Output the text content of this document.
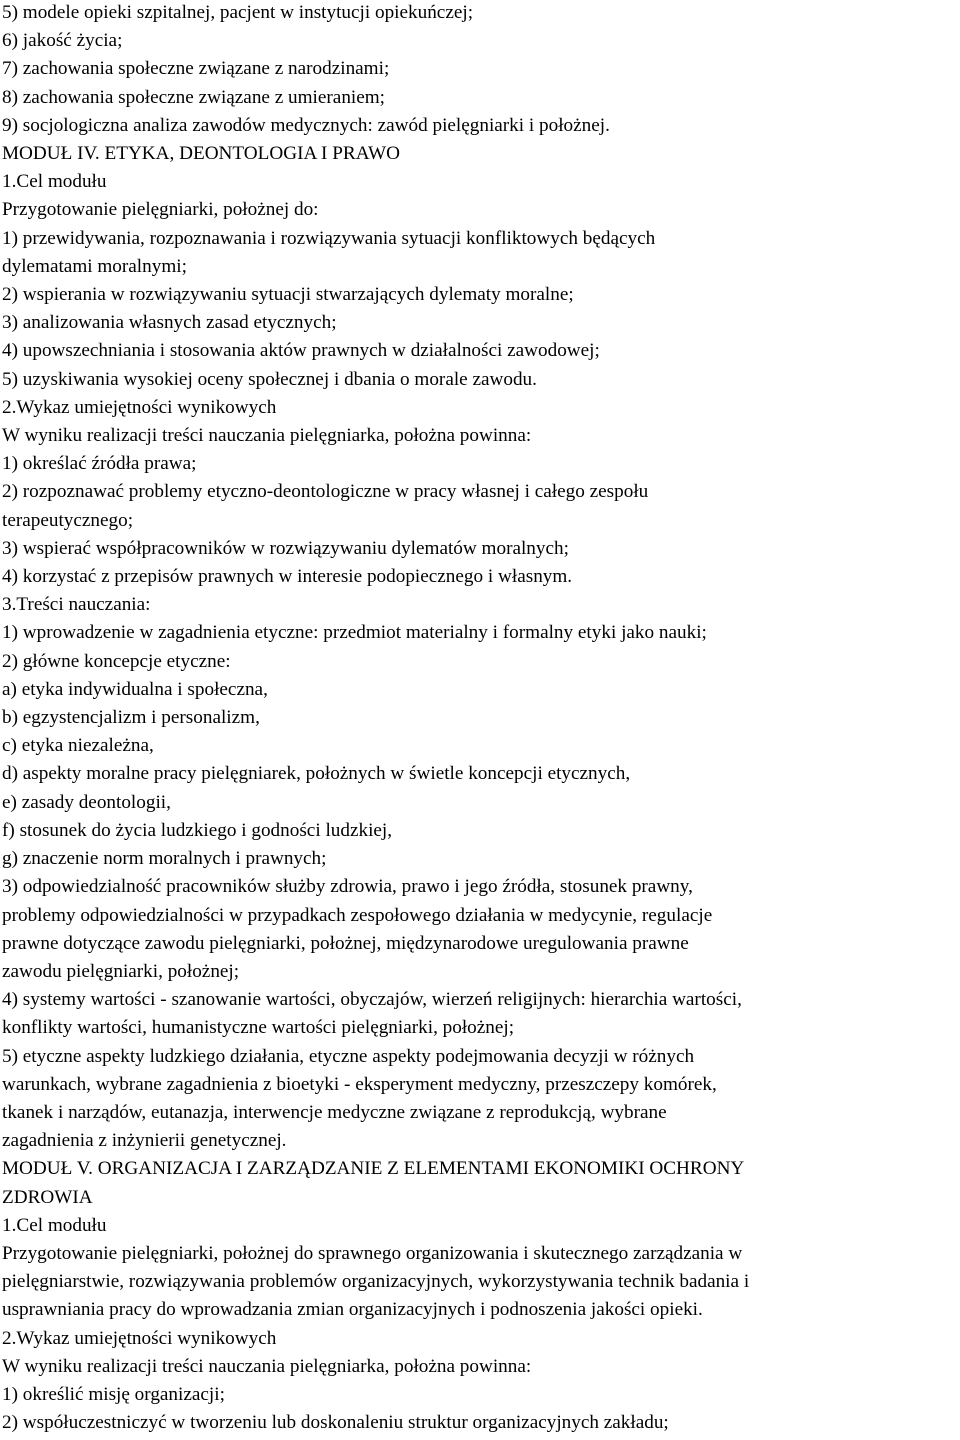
5) modele opieki szpitalnej, pacjent w instytucji opiekuńczej;

6) jakość życia;

7) zachowania społeczne związane z narodzinami;

8) zachowania społeczne związane z umieraniem;

9) socjologiczna analiza zawodów medycznych: zawód pielęgniarki i położnej.

MODUŁ IV. ETYKA, DEONTOLOGIA I PRAWO

1.Cel modułu

Przygotowanie pielęgniarki, położnej do:

1) przewidywania, rozpoznawania i rozwiązywania sytuacji konfliktowych będących

dylematami moralnymi;

2) wspierania w rozwiązywaniu sytuacji stwarzających dylematy moralne;

3) analizowania własnych zasad etycznych;

4) upowszechniania i stosowania aktów prawnych w działalności zawodowej;

5) uzyskiwania wysokiej oceny społecznej i dbania o morale zawodu.

2.Wykaz umiejętności wynikowych

W wyniku realizacji treści nauczania pielęgniarka, położna powinna:

1) określać źródła prawa;

2) rozpoznawać problemy etyczno-deontologiczne w pracy własnej i całego zespołu

terapeutycznego;

3) wspierać współpracowników w rozwiązywaniu dylematów moralnych;

4) korzystać z przepisów prawnych w interesie podopiecznego i własnym.

3.Treści nauczania:

1) wprowadzenie w zagadnienia etyczne: przedmiot materialny i formalny etyki jako nauki;

2) główne koncepcje etyczne:

a) etyka indywidualna i społeczna,

b) egzystencjalizm i personalizm,

c) etyka niezależna,

d) aspekty moralne pracy pielęgniarek, położnych w świetle koncepcji etycznych,

e) zasady deontologii,

f) stosunek do życia ludzkiego i godności ludzkiej,

g) znaczenie norm moralnych i prawnych;

3) odpowiedzialność pracowników służby zdrowia, prawo i jego źródła, stosunek prawny,

problemy odpowiedzialności w przypadkach zespołowego działania w medycynie, regulacje

prawne dotyczące zawodu pielęgniarki, położnej, międzynarodowe uregulowania prawne

zawodu pielęgniarki, położnej;

4) systemy wartości - szanowanie wartości, obyczajów, wierzeń religijnych: hierarchia wartości,

konflikty wartości, humanistyczne wartości pielęgniarki, położnej;

5) etyczne aspekty ludzkiego działania, etyczne aspekty podejmowania decyzji w różnych

warunkach, wybrane zagadnienia z bioetyki - eksperyment medyczny, przeszczepy komórek,

tkanek i narządów, eutanazja, interwencje medyczne związane z reprodukcją, wybrane

zagadnienia z inżynierii genetycznej.

MODUŁ V. ORGANIZACJA I ZARZĄDZANIE Z ELEMENTAMI EKONOMIKI OCHRONY

ZDROWIA

1.Cel modułu

Przygotowanie pielęgniarki, położnej do sprawnego organizowania i skutecznego zarządzania w

pielęgniarstwie, rozwiązywania problemów organizacyjnych, wykorzystywania technik badania i

usprawniania pracy do wprowadzania zmian organizacyjnych i podnoszenia jakości opieki.

2.Wykaz umiejętności wynikowych

W wyniku realizacji treści nauczania pielęgniarka, położna powinna:

1) określić misję organizacji;

2) współuczestniczyć w tworzeniu lub doskonaleniu struktur organizacyjnych zakładu;
